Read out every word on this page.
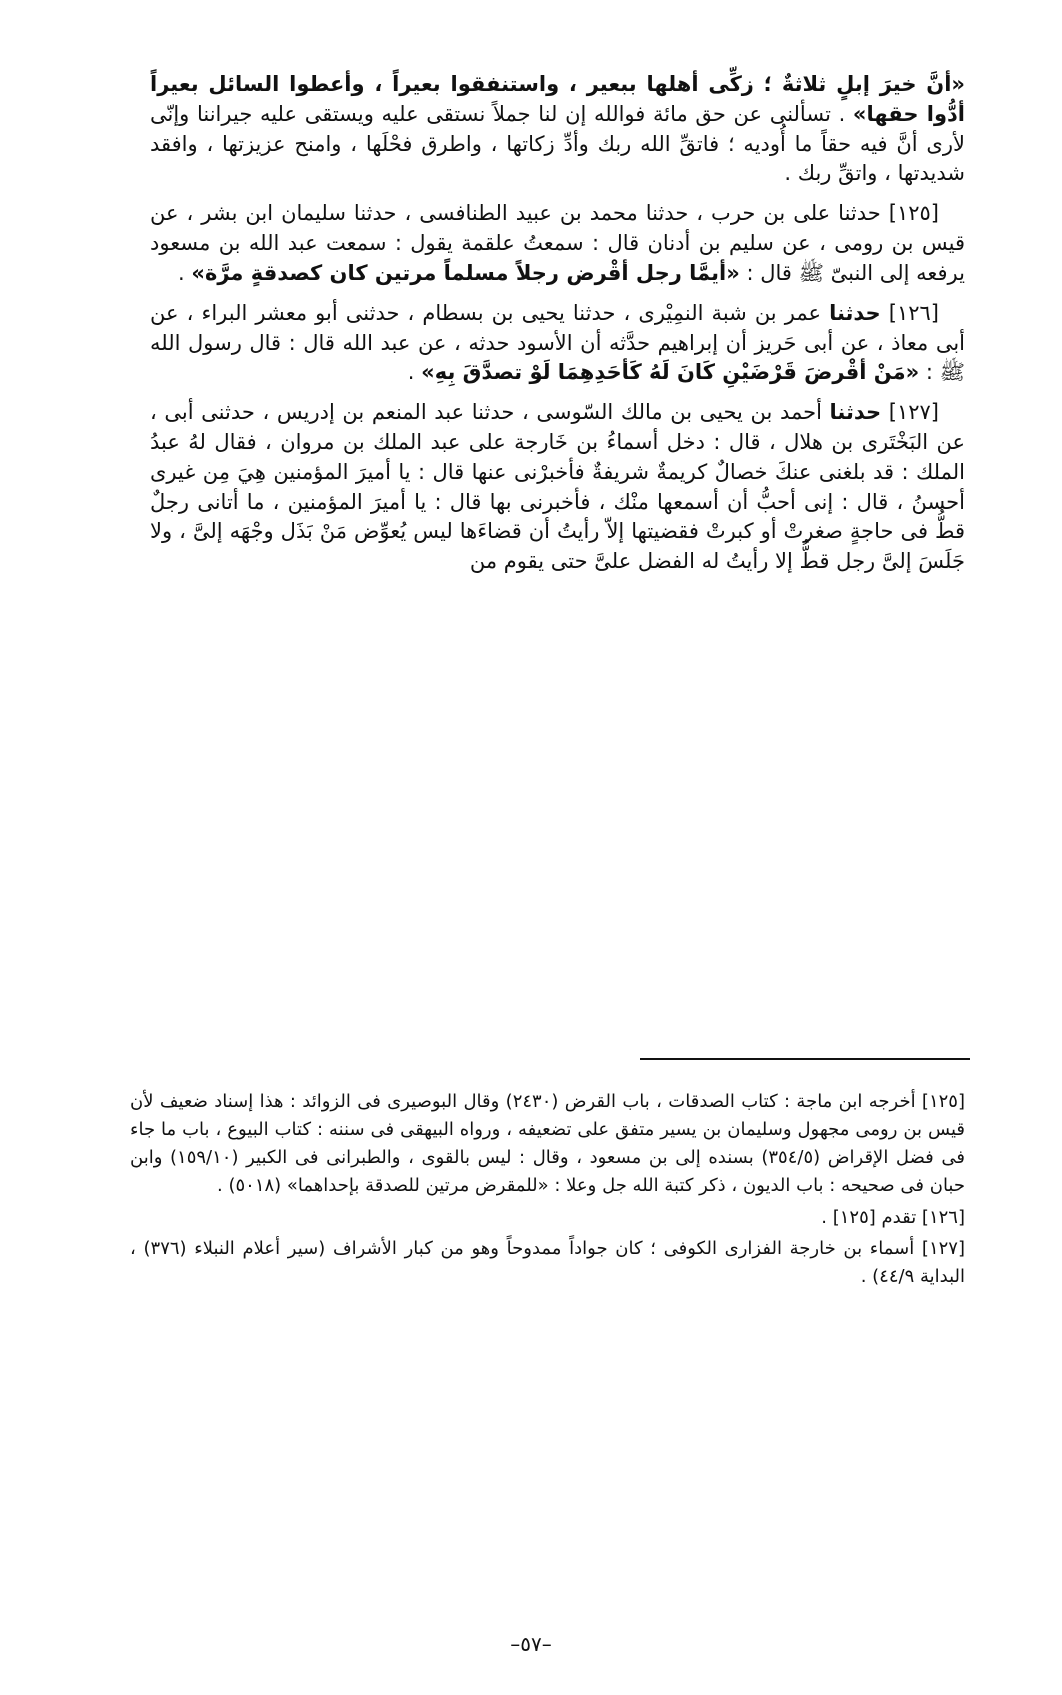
«أنَّ خيرَ إبلٍ ثلاثةٌ ؛ زكِّى أهلها ببعير ، واستنفقوا بعيراً ، وأعطوا السائل بعيراً أدُّوا حقها» . تسألنى عن حق مائة فوالله إن لنا جملاً نستقى عليه ويستقى عليه جيراننا وإنّى لأرى أنَّ فيه حقاً ما أُوديه ؛ فاتقِّ الله ربك وأدِّ زكاتها ، واطرق فحْلَها ، وامنح عزيزتها ، وافقد شديدتها ، واتقِّ ربك .

[١٢٥] حدثنا على بن حرب ، حدثنا محمد بن عبيد الطنافسى ، حدثنا سليمان ابن بشر ، عن قيس بن رومى ، عن سليم بن أدنان قال : سمعتُ علقمة يقول : سمعت عبد الله بن مسعود يرفعه إلى النبىّ ﷺ قال : «أيمَّا رجل أقْرض رجلاً مسلماً مرتين كان كصدقةٍ مرَّة» .

[١٢٦] حدثنا عمر بن شبة النمِيْرى ، حدثنا يحيى بن بسطام ، حدثنى أبو معشر البراء ، عن أبى معاذ ، عن أبى حَريز أن إبراهيم حدَّثه أن الأسود حدثه ، عن عبد الله قال : قال رسول الله ﷺ : «مَنْ أقْرضَ قَرْضَيْنِ كَانَ لَهُ كَأحَدِهِمَا لَوْ تصدَّقَ بِهِ» .

[١٢٧] حدثنا أحمد بن يحيى بن مالك السّوسى ، حدثنا عبد المنعم بن إدريس ، حدثنى أبى ، عن البَخْتَرى بن هلال ، قال : دخل أسماءُ بن خَارجة على عبد الملك بن مروان ، فقال لهُ عبدُ الملك : قد بلغنى عنكَ خصالٌ كريمةٌ شريفةٌ فأخبرْنى عنها قال : يا أميرَ المؤمنين هِيَ مِن غيرى أحسنُ ، قال : إنى أحبُّ أن أسمعها منْك ، فأخبرنى بها قال : يا أميرَ المؤمنين ، ما أتانى رجلٌ قطُّ فى حاجةٍ صغرتْ أو كبرتْ فقضيتها إلاّ رأيتُ أن قضاءَها ليس يُعوِّض مَنْ بَذَل وجْهَه إلىَّ ، ولا جَلَسَ إلىَّ رجل قطُّ إلا رأيتُ له الفضل علىَّ حتى يقوم من

[١٢٥] أخرجه ابن ماجة : كتاب الصدقات ، باب القرض (٢٤٣٠) وقال البوصيرى فى الزوائد : هذا إسناد ضعيف لأن قيس بن رومى مجهول وسليمان بن يسير متفق على تضعيفه ، ورواه البيهقى فى سننه : كتاب البيوع ، باب ما جاء فى فضل الإقراض (٣٥٤/٥) بسنده إلى بن مسعود ، وقال : ليس بالقوى ، والطبرانى فى الكبير (١٥٩/١٠) وابن حبان فى صحيحه : باب الديون ، ذكر كتبة الله جل وعلا : «للمقرض مرتين للصدقة بإحداهما» (٥٠١٨) .

[١٢٦] تقدم [١٢٥] .

[١٢٧] أسماء بن خارجة الفزارى الكوفى ؛ كان جواداً ممدوحاً وهو من كبار الأشراف (سير أعلام النبلاء (٣٧٦) ، البداية ٤٤/٩) .

–٥٧–
